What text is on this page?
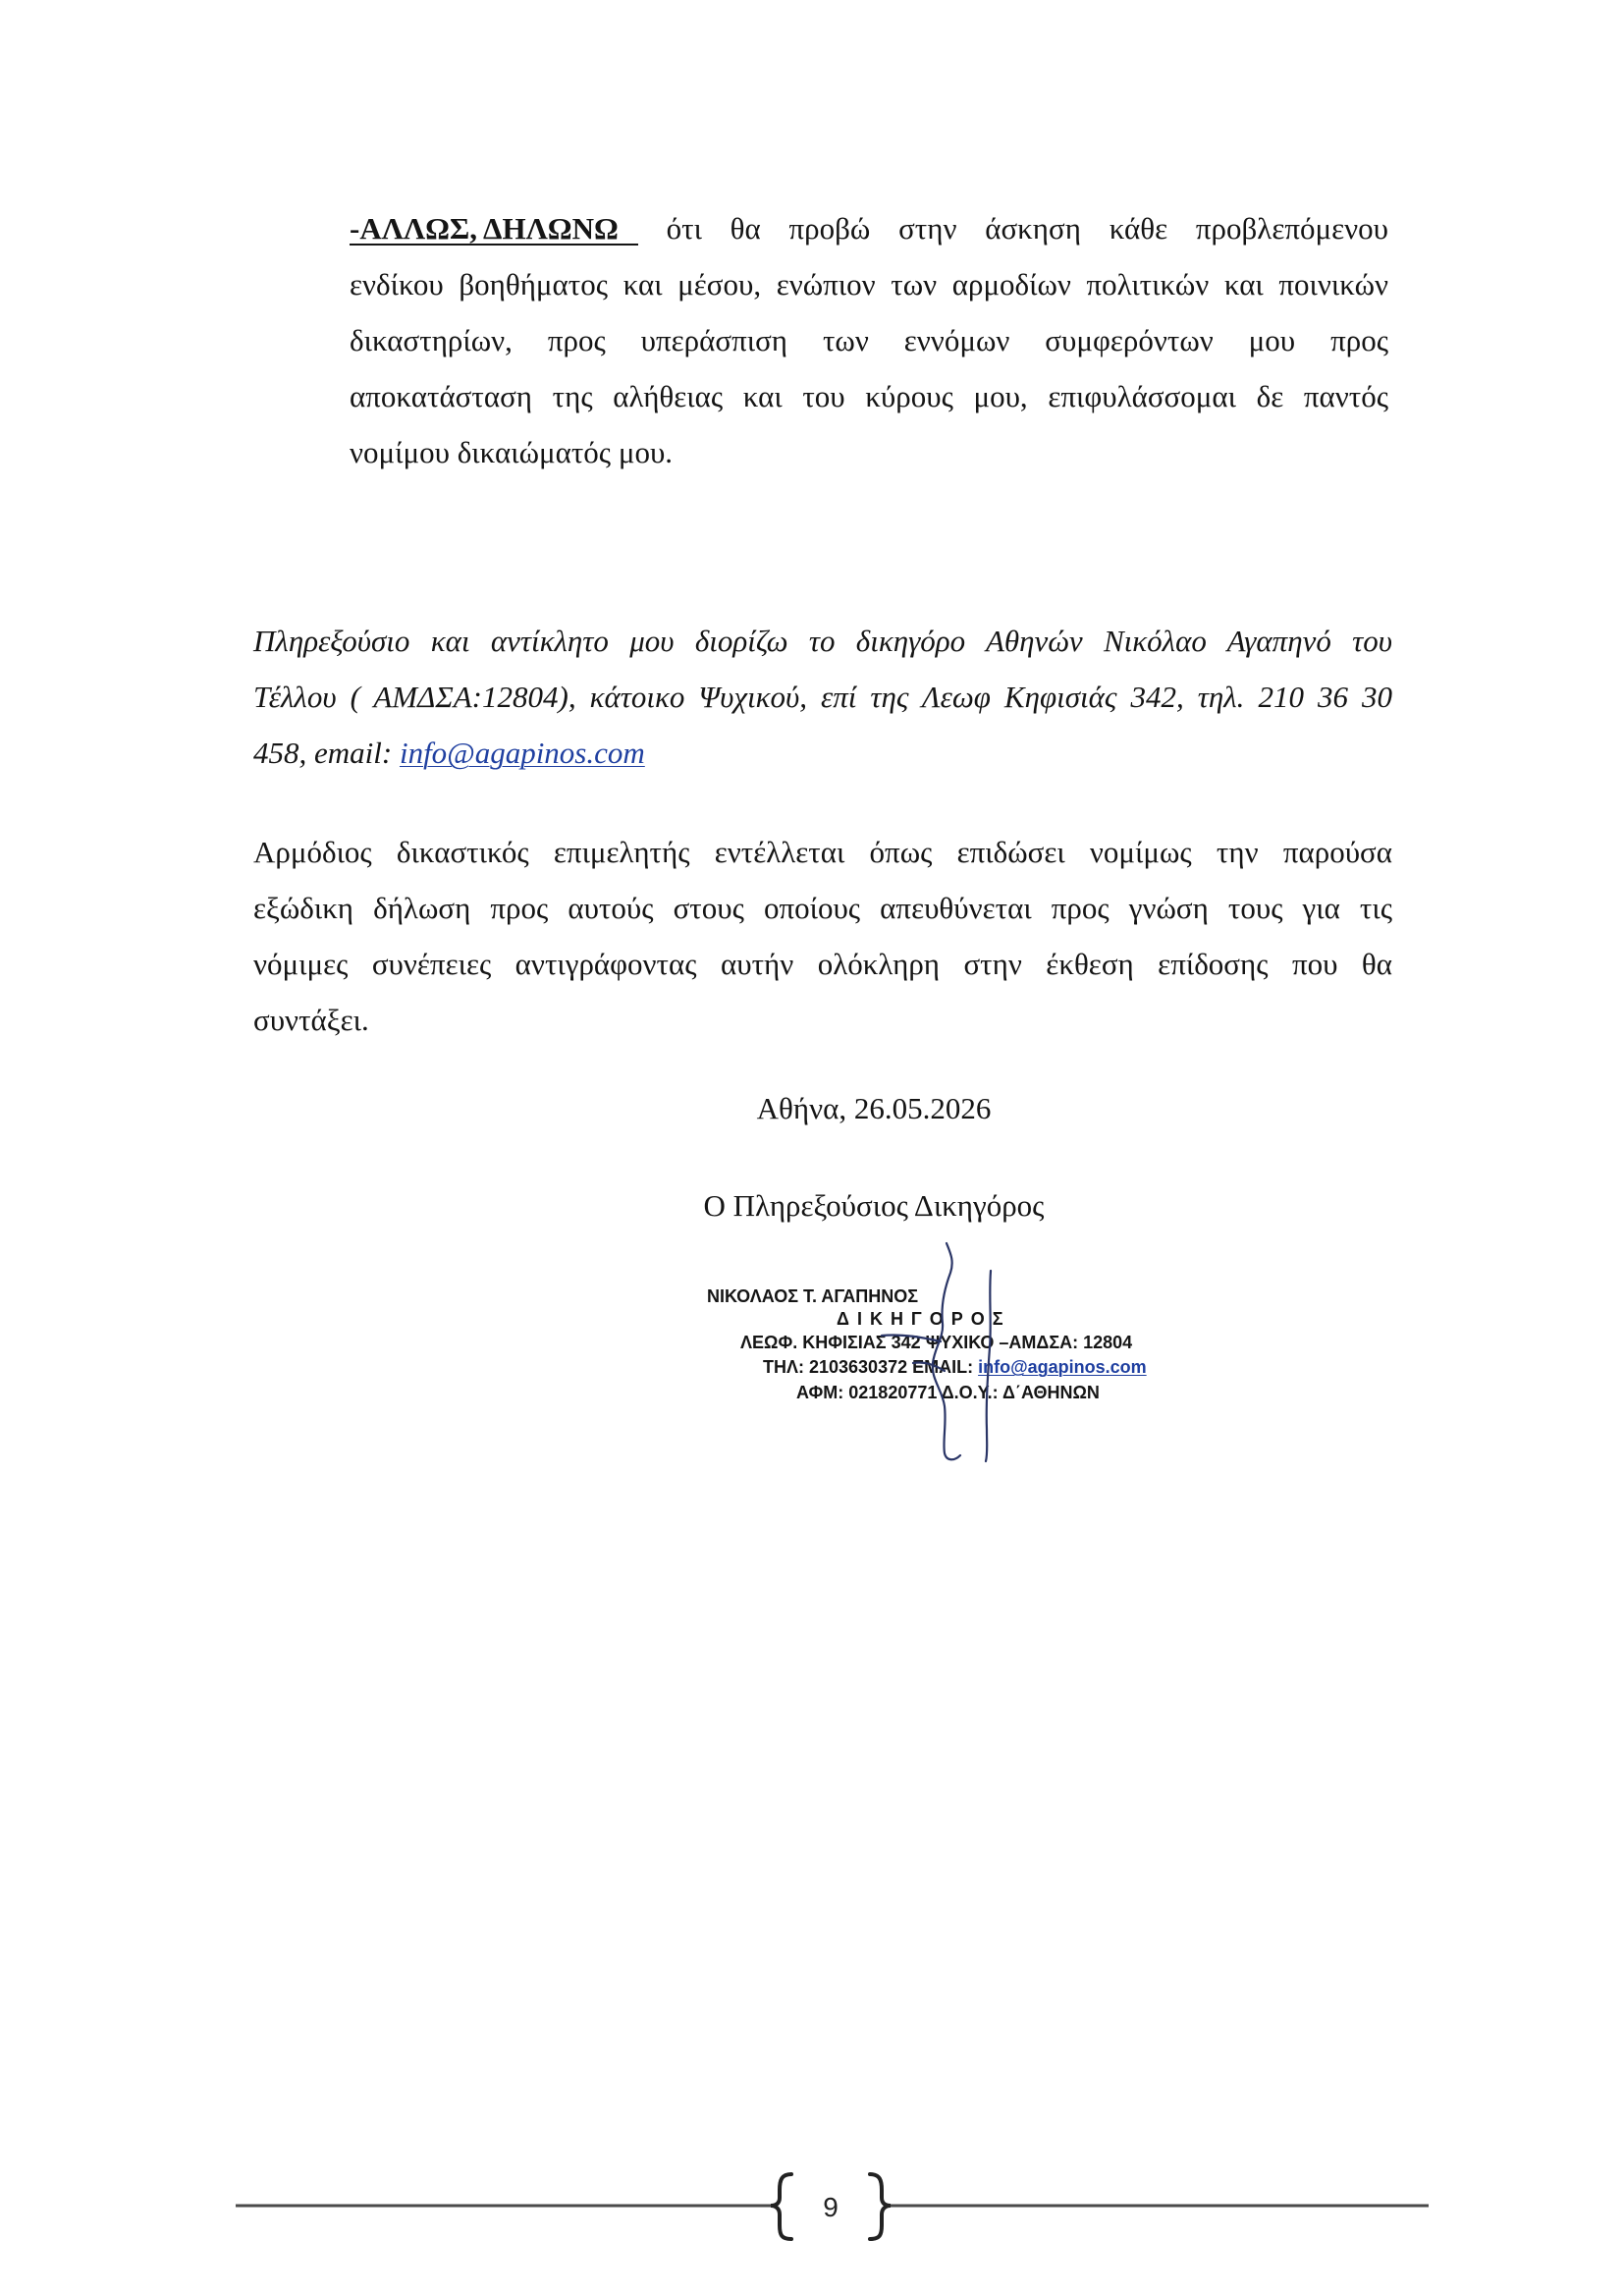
-ΑΛΛΩΣ, ΔΗΛΩΝΩ ότι θα προβώ στην άσκηση κάθε προβλεπόμενου
ενδίκου βοηθήματος και μέσου, ενώπιον των αρμοδίων πολιτικών και ποινικών
δικαστηρίων, προς υπεράσπιση των εννόμων συμφερόντων μου προς
αποκατάσταση της αλήθειας και του κύρους μου, επιφυλάσσομαι δε παντός
νομίμου δικαιώματός μου.
Πληρεξούσιο και αντίκλητο μου διορίζω το δικηγόρο Αθηνών Νικόλαο Αγαπηνό του
Τέλλου ( ΑΜΔΣΑ:12804), κάτοικο Ψυχικού, επί της Λεωφ Κηφισιάς 342, τηλ. 210 36 30
458, email: info@agapinos.com
Αρμόδιος δικαστικός επιμελητής εντέλλεται όπως επιδώσει νομίμως την παρούσα
εξώδικη δήλωση προς αυτούς στους οποίους απευθύνεται προς γνώση τους για τις
νόμιμες συνέπειες αντιγράφοντας αυτήν ολόκληρη στην έκθεση επίδοσης που θα
συντάξει.
Αθήνα, 26.05.2026
Ο Πληρεξούσιος Δικηγόρος
ΝΙΚΟΛΑΟΣ Τ. ΑΓΑΠΗΝΟΣ
ΔΙΚΗΓΟΡΟΣ
ΛΕΩΦ. ΚΗΦΙΣΙΑΣ 342 ΨΥΧΙΚΟ –ΑΜΔΣΑ: 12804
ΤΗΛ: 2103630372 EMAIL: info@agapinos.com
ΑΦΜ: 021820771 Δ.Ο.Υ.: Δ΄ΑΘΗΝΩΝ
9
